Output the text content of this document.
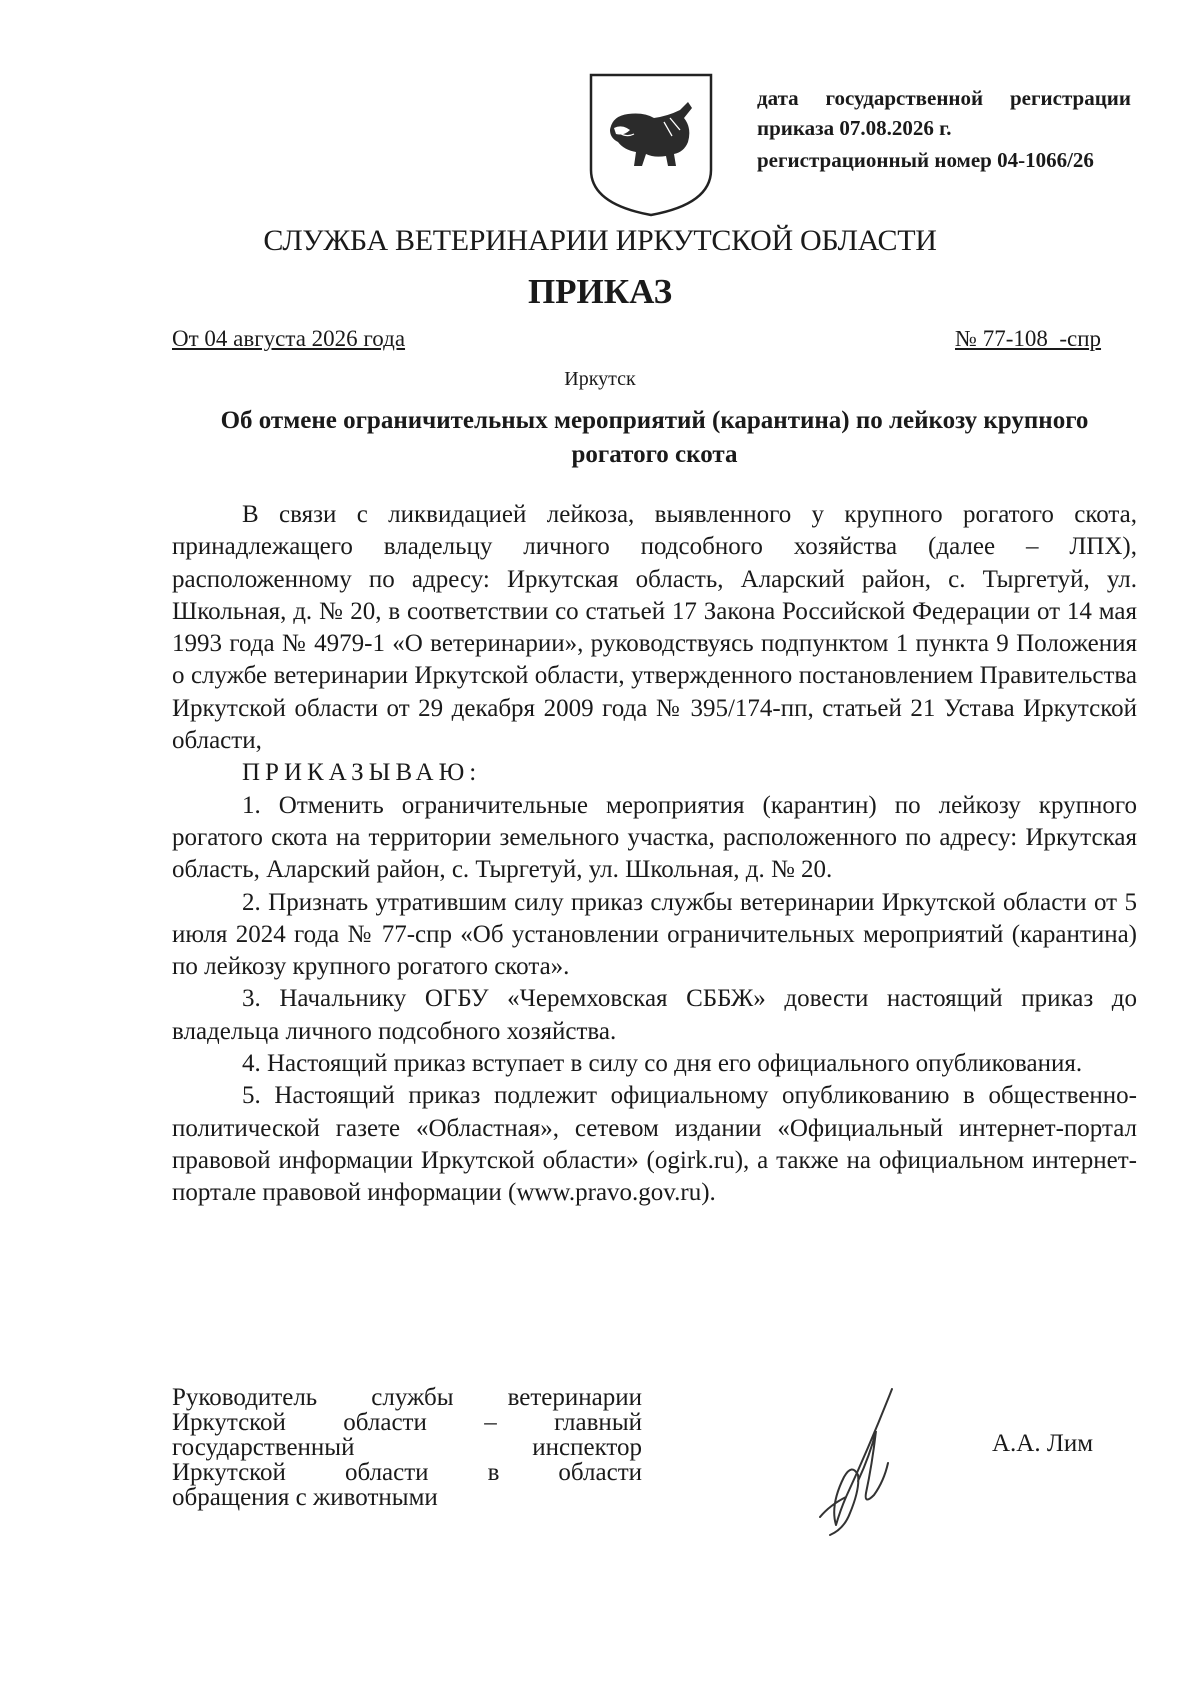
дата государственной регистрации
приказа 07.08.2026 г.
регистрационный номер 04-1066/26
СЛУЖБА ВЕТЕРИНАРИИ ИРКУТСКОЙ ОБЛАСТИ
ПРИКАЗ
От 04 августа 2026 года	№ 77-108  -спр
Иркутск
Об отмене ограничительных мероприятий (карантина) по лейкозу крупного рогатого скота

В связи с ликвидацией лейкоза, выявленного у крупного рогатого скота, принадлежащего владельцу личного подсобного хозяйства (далее – ЛПХ), расположенному по адресу: Иркутская область, Аларский район, с. Тыргетуй, ул. Школьная, д. № 20, в соответствии со статьей 17 Закона Российской Федерации от 14 мая 1993 года № 4979-1 «О ветеринарии», руководствуясь подпунктом 1 пункта 9 Положения о службе ветеринарии Иркутской области, утвержденного постановлением Правительства Иркутской области от 29 декабря 2009 года № 395/174-пп, статьей 21 Устава Иркутской области,

ПРИКАЗЫВАЮ:

1. Отменить ограничительные мероприятия (карантин) по лейкозу крупного рогатого скота на территории земельного участка, расположенного по адресу: Иркутская область, Аларский район, с. Тыргетуй, ул. Школьная, д. № 20.

2. Признать утратившим силу приказ службы ветеринарии Иркутской области от 5 июля 2024 года № 77-спр «Об установлении ограничительных мероприятий (карантина) по лейкозу крупного рогатого скота».

3. Начальнику ОГБУ «Черемховская СББЖ» довести настоящий приказ до владельца личного подсобного хозяйства.

4. Настоящий приказ вступает в силу со дня его официального опубликования.

5. Настоящий приказ подлежит официальному опубликованию в общественно-политической газете «Областная», сетевом издании «Официальный интернет-портал правовой информации Иркутской области» (ogirk.ru), а также на официальном интернет-портале правовой информации (www.pravo.gov.ru).

Руководитель службы ветеринарии
Иркутской области – главный
государственный инспектор
Иркутской области в области
обращения с животными
А.А. Лим
